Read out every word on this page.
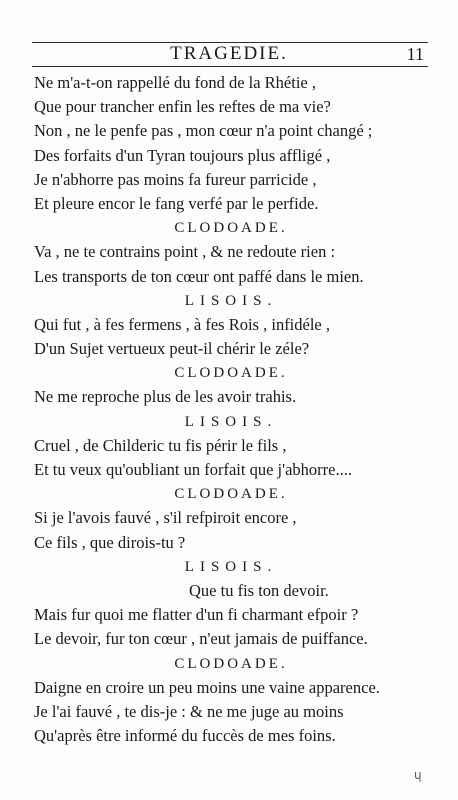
TRAGEDIE.	11
Ne m'a-t-on rappellé du fond de la Rhétie ,
Que pour trancher enfin les reftes de ma vie?
Non , ne le penfe pas , mon cœur n'a point changé ;
Des forfaits d'un Tyran toujours plus affligé ,
Je n'abhorre pas moins fa fureur parricide ,
Et pleure encor le fang verfé par le perfide.
CLODOADE.
Va , ne te contrains point , & ne redoute rien :
Les transports de ton cœur ont paffé dans le mien.
LISOIS.
Qui fut , à fes fermens , à fes Rois , infidéle ,
D'un Sujet vertueux peut-il chérir le zéle?
CLODOADE.
Ne me reproche plus de les avoir trahis.
LISOIS.
Cruel , de Childeric tu fis périr le fils ,
Et tu veux qu'oubliant un forfait que j'abhorre....
CLODOADE.
Si je l'avois fauvé , s'il refpiroit encore ,
Ce fils , que dirois-tu ?
LISOIS.
Que tu fis ton devoir.
Mais fur quoi me flatter d'un fi charmant efpoir ?
Le devoir, fur ton cœur , n'eut jamais de puiffance.
CLODOADE.
Daigne en croire un peu moins une vaine apparence.
Je l'ai fauvé , te dis-je : & ne me juge au moins
Qu'après être informé du fuccès de mes foins.
ų
